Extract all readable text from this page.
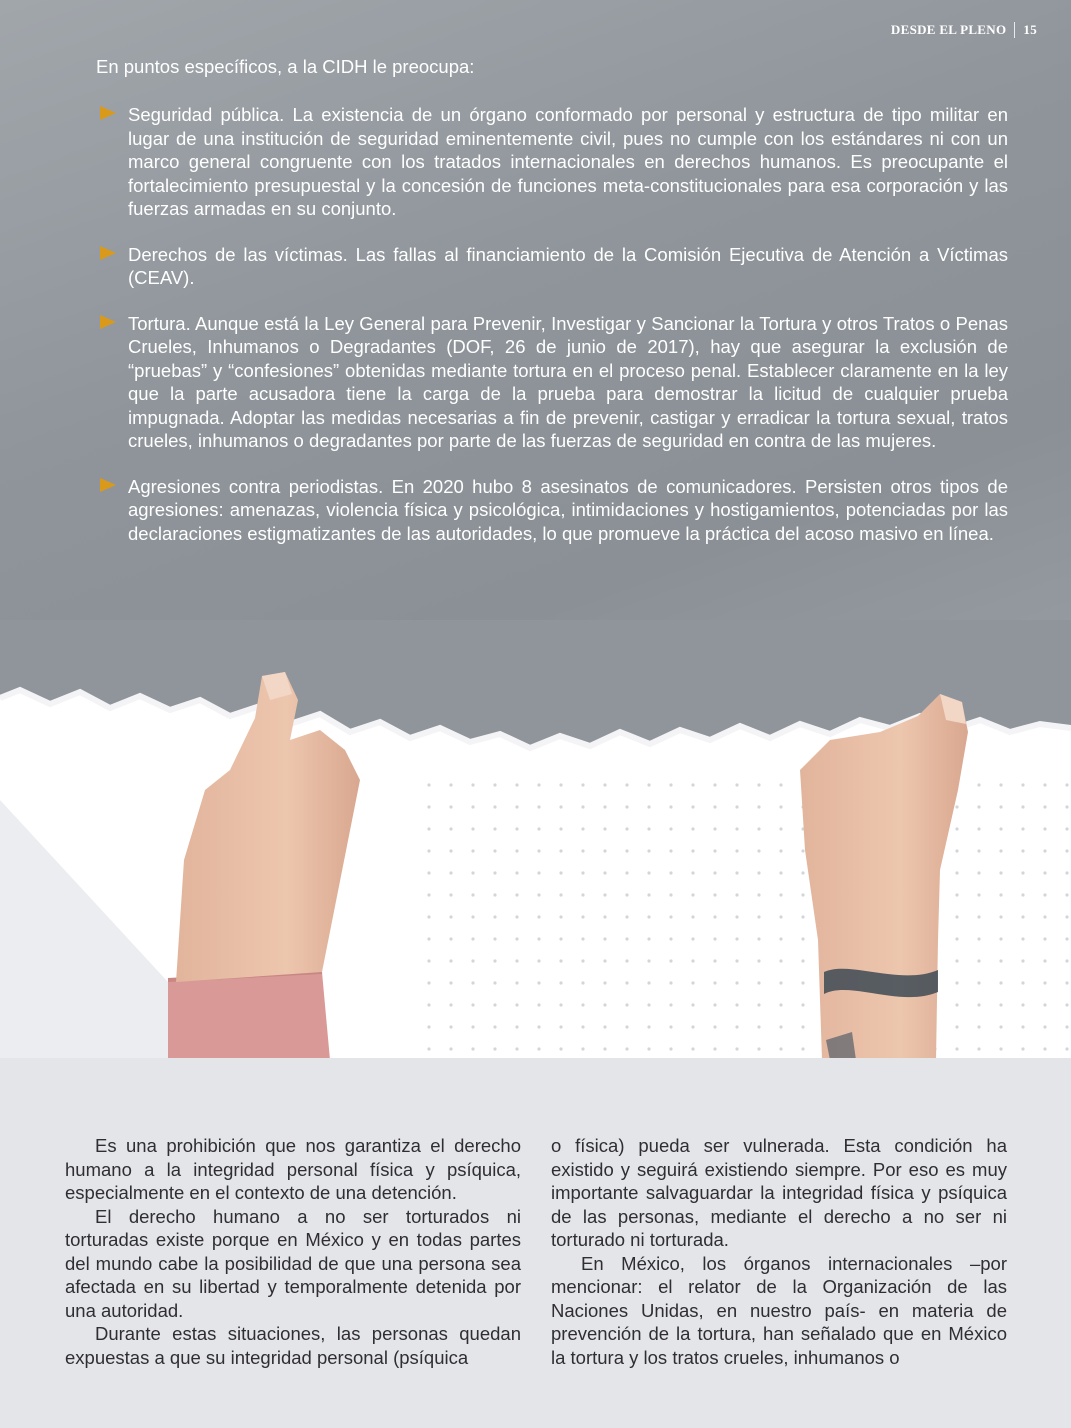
DESDE EL PLENO 15
En puntos específicos, a la CIDH le preocupa:
Seguridad pública. La existencia de un órgano conformado por personal y estructura de tipo militar en lugar de una institución de seguridad eminentemente civil, pues no cumple con los estándares ni con un marco general congruente con los tratados internacionales en derechos humanos. Es preocupante el fortalecimiento presupuestal y la concesión de funciones meta-constitucionales para esa corporación y las fuerzas armadas en su conjunto.
Derechos de las víctimas. Las fallas al financiamiento de la Comisión Ejecutiva de Atención a Víctimas (CEAV).
Tortura. Aunque está la Ley General para Prevenir, Investigar y Sancionar la Tortura y otros Tratos o Penas Crueles, Inhumanos o Degradantes (DOF, 26 de junio de 2017), hay que asegurar la exclusión de “pruebas” y “confesiones” obtenidas mediante tortura en el proceso penal. Establecer claramente en la ley que la parte acusadora tiene la carga de la prueba para demostrar la licitud de cualquier prueba impugnada. Adoptar las medidas necesarias a fin de prevenir, castigar y erradicar la tortura sexual, tratos crueles, inhumanos o degradantes por parte de las fuerzas de seguridad en contra de las mujeres.
Agresiones contra periodistas. En 2020 hubo 8 asesinatos de comunicadores. Persisten otros tipos de agresiones: amenazas, violencia física y psicológica, intimidaciones y hostigamientos, potenciadas por las declaraciones estigmatizantes de las autoridades, lo que promueve la práctica del acoso masivo en línea.

Es una prohibición que nos garantiza el derecho humano a la integridad personal física y psíquica, especialmente en el contexto de una detención.

El derecho humano a no ser torturados ni torturadas existe porque en México y en todas partes del mundo cabe la posibilidad de que una persona sea afectada en su libertad y temporalmente detenida por una autoridad.

Durante estas situaciones, las personas quedan expuestas a que su integridad personal (psíquica

o física) pueda ser vulnerada. Esta condición ha existido y seguirá existiendo siempre. Por eso es muy importante salvaguardar la integridad física y psíquica de las personas, mediante el derecho a no ser ni torturado ni torturada.

En México, los órganos internacionales –por mencionar: el relator de la Organización de las Naciones Unidas, en nuestro país- en materia de prevención de la tortura, han señalado que en México la tortura y los tratos crueles, inhumanos o
